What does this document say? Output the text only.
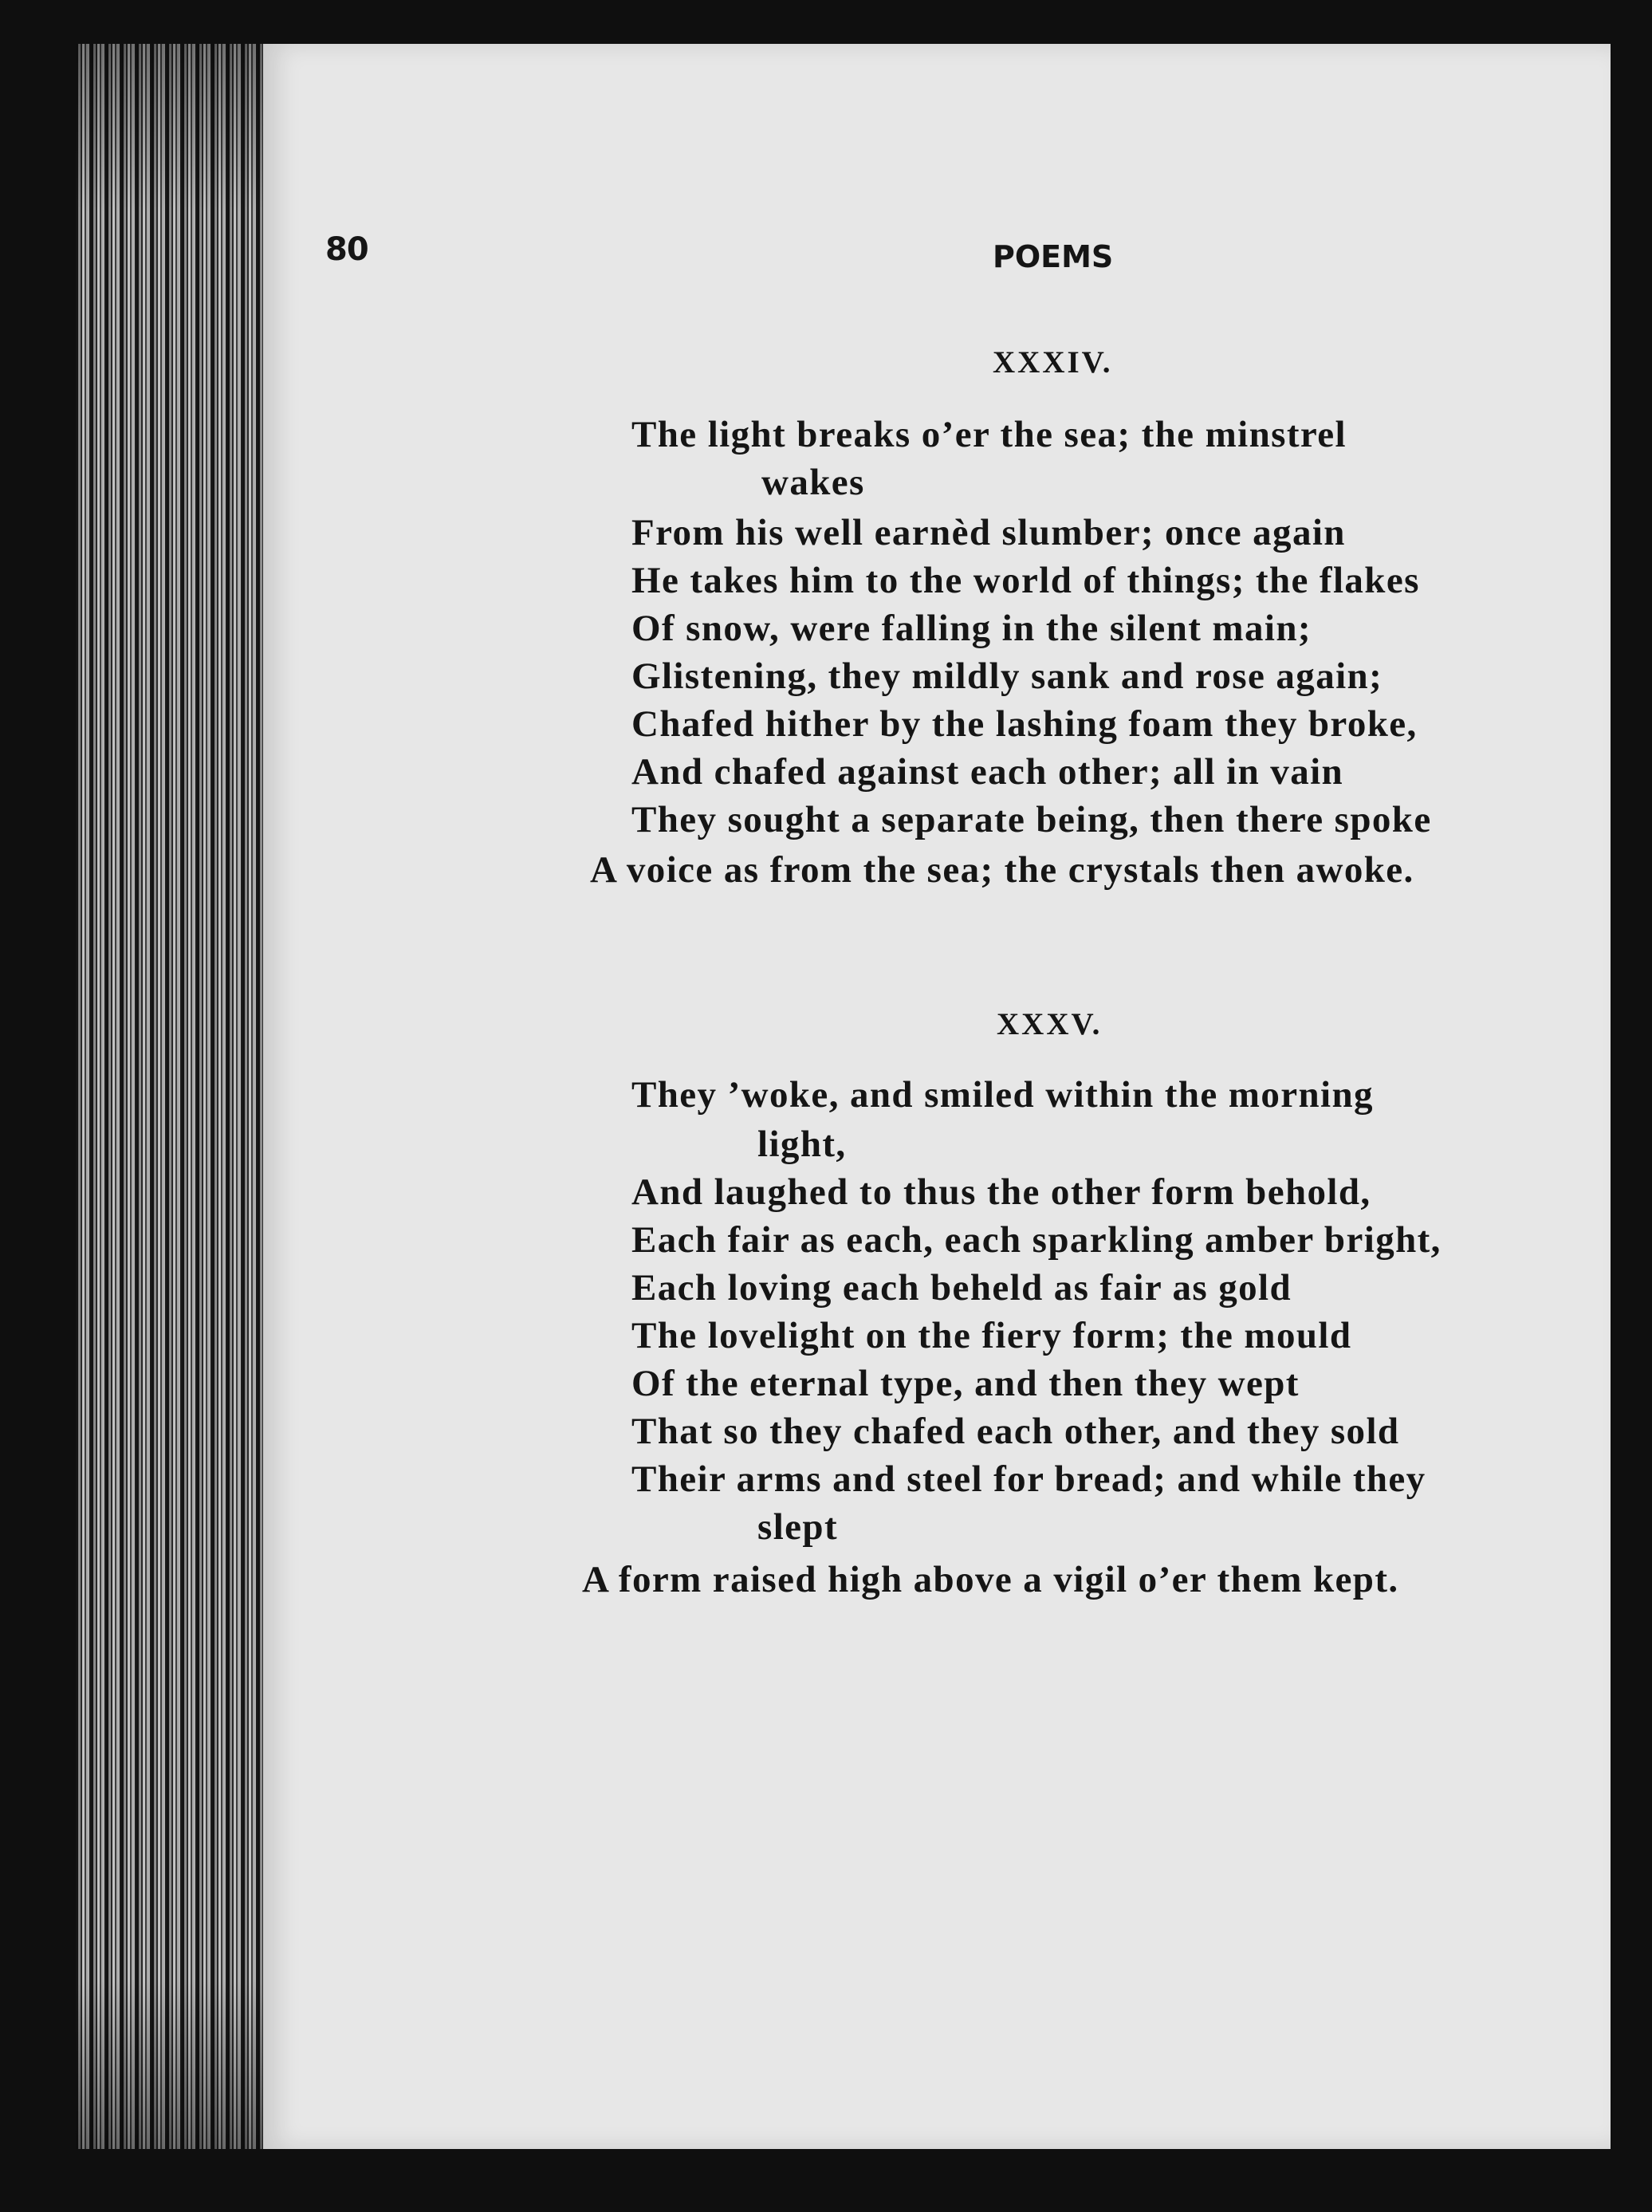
80	POEMS
XXXIV.
The light breaks o’er the sea; the minstrel
wakes
From his well earnèd slumber; once again
He takes him to the world of things; the flakes
Of snow, were falling in the silent main;
Glistening, they mildly sank and rose again;
Chafed hither by the lashing foam they broke,
And chafed against each other; all in vain
They sought a separate being, then there spoke
A voice as from the sea; the crystals then awoke.
XXXV.
They ’woke, and smiled within the morning
light,
And laughed to thus the other form behold,
Each fair as each, each sparkling amber bright,
Each loving each beheld as fair as gold
The lovelight on the fiery form; the mould
Of the eternal type, and then they wept
That so they chafed each other, and they sold
Their arms and steel for bread; and while they
slept
A form raised high above a vigil o’er them kept.
